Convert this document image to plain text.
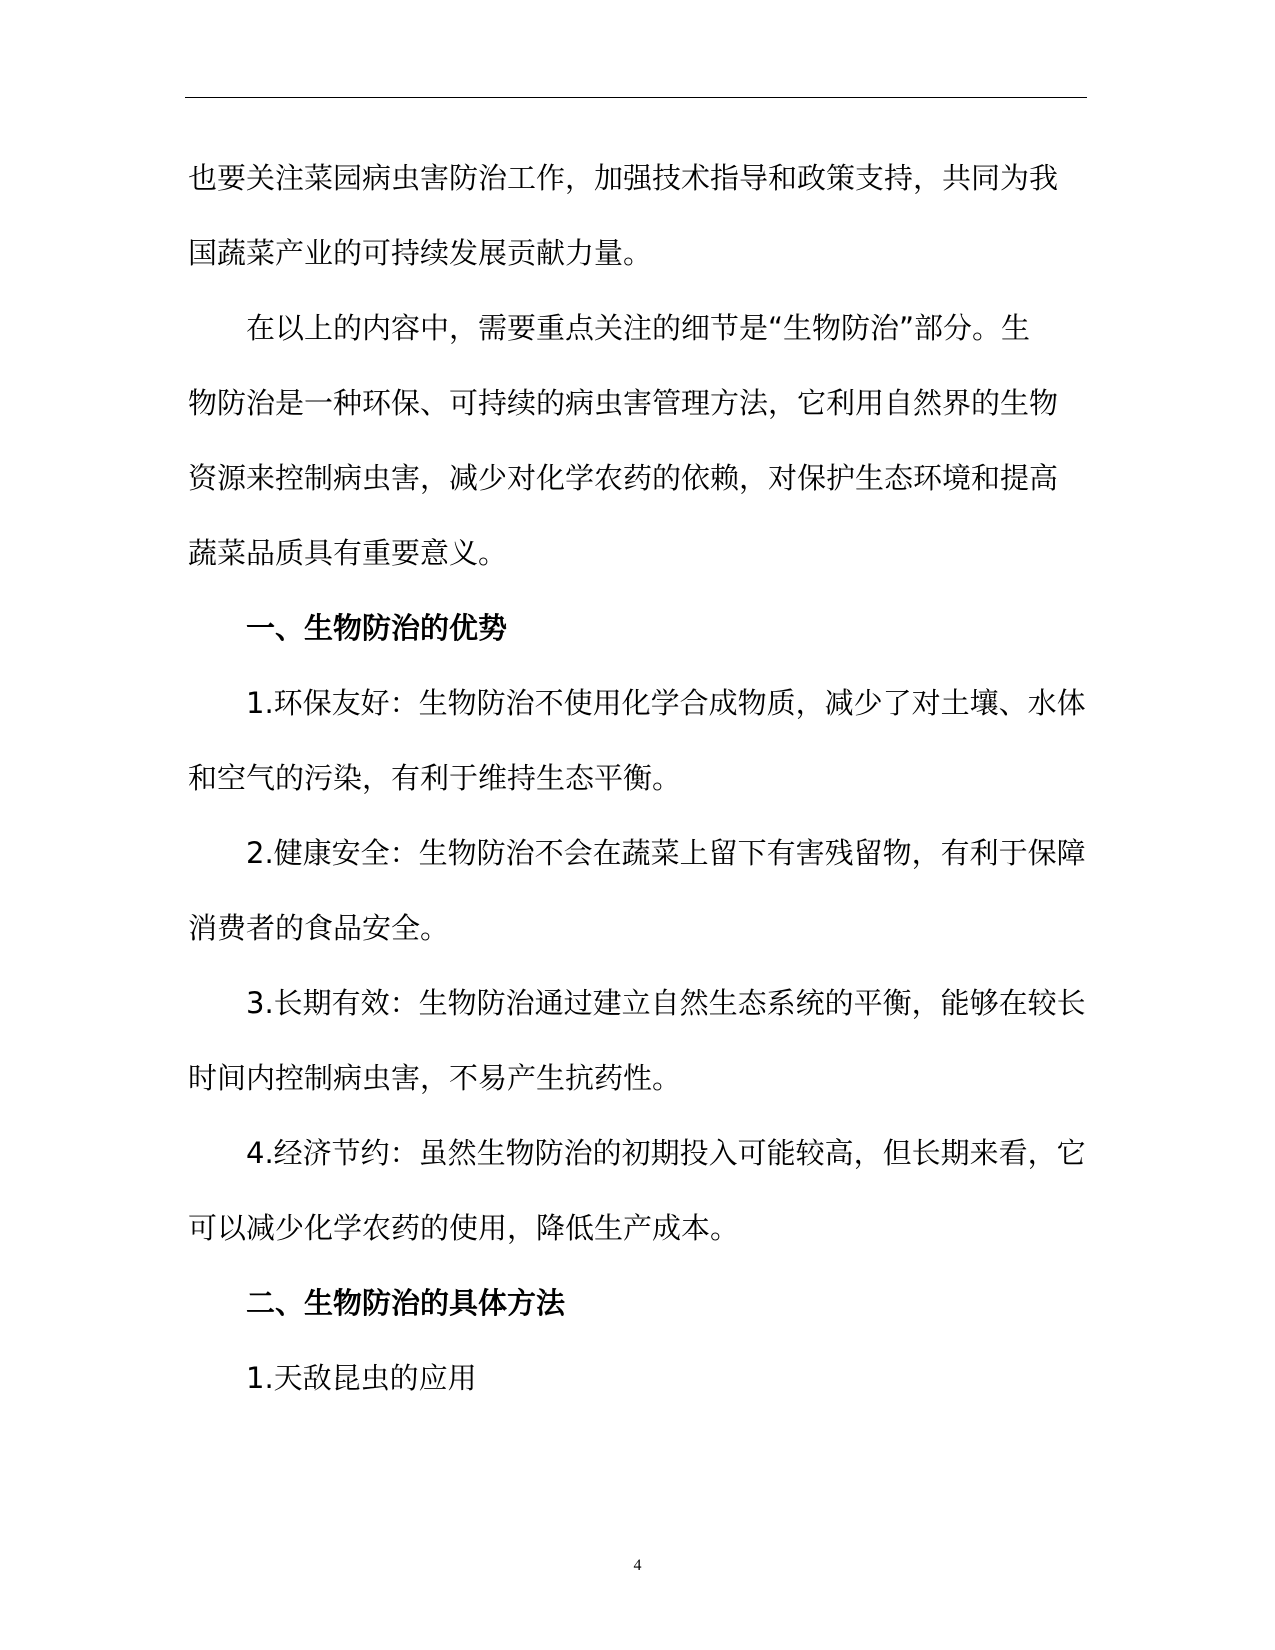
也要关注菜园病虫害防治工作，加强技术指导和政策支持，共同为我
国蔬菜产业的可持续发展贡献力量。

在以上的内容中，需要重点关注的细节是“生物防治”部分。生
物防治是一种环保、可持续的病虫害管理方法，它利用自然界的生物
资源来控制病虫害，减少对化学农药的依赖，对保护生态环境和提高
蔬菜品质具有重要意义。

一、生物防治的优势

1.环保友好：生物防治不使用化学合成物质，减少了对土壤、水体
和空气的污染，有利于维持生态平衡。

2.健康安全：生物防治不会在蔬菜上留下有害残留物，有利于保障
消费者的食品安全。

3.长期有效：生物防治通过建立自然生态系统的平衡，能够在较长
时间内控制病虫害，不易产生抗药性。

4.经济节约：虽然生物防治的初期投入可能较高，但长期来看，它
可以减少化学农药的使用，降低生产成本。

二、生物防治的具体方法

1.天敌昆虫的应用

4
